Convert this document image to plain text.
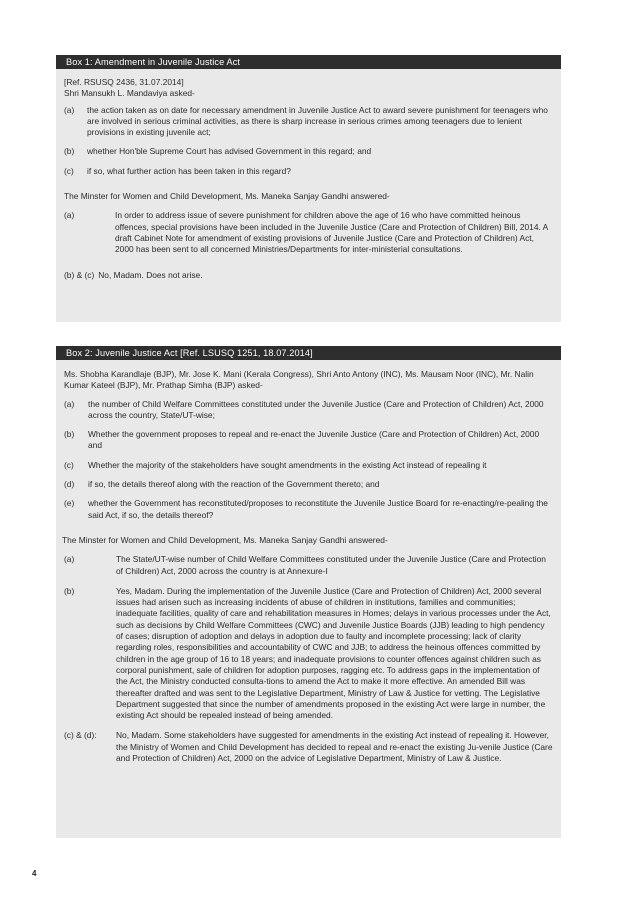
Box 1: Amendment in Juvenile Justice Act
[Ref. RSUSQ 2436, 31.07.2014]
Shri Mansukh L. Mandaviya asked-
(a)	the action taken as on date for necessary amendment in Juvenile Justice Act to award severe punishment for teenagers who are involved in serious criminal activities, as there is sharp increase in serious crimes among teenagers due to lenient provisions in existing juvenile act;
(b)	whether Hon'ble Supreme Court has advised Government in this regard; and
(c)	if so, what further action has been taken in this regard?
The Minster for Women and Child Development, Ms. Maneka Sanjay Gandhi answered-
(a)	In order to address issue of severe punishment for children above the age of 16 who have committed heinous offences, special provisions have been included in the Juvenile Justice (Care and Protection of Children) Bill, 2014. A draft Cabinet Note for amendment of existing provisions of Juvenile Justice (Care and Protection of Children) Act, 2000 has been sent to all concerned Ministries/Departments for inter-ministerial consultations.
(b) & (c) No, Madam. Does not arise.
Box 2: Juvenile Justice Act [Ref. LSUSQ 1251, 18.07.2014]
Ms. Shobha Karandlaje (BJP), Mr. Jose K. Mani (Kerala Congress), Shri Anto Antony (INC), Ms. Mausam Noor (INC), Mr. Nalin Kumar Kateel (BJP), Mr. Prathap Simha (BJP) asked-
(a)	the number of Child Welfare Committees constituted under the Juvenile Justice (Care and Protection of Children) Act, 2000 across the country, State/UT-wise;
(b)	Whether the government proposes to repeal and re-enact the Juvenile Justice (Care and Protection of Children) Act, 2000 and
(c)	Whether the majority of the stakeholders have sought amendments in the existing Act instead of repealing it
(d)	if so, the details thereof along with the reaction of the Government thereto; and
(e)	whether the Government has reconstituted/proposes to reconstitute the Juvenile Justice Board for re-enacting/re-pealing the said Act, if so, the details thereof?
The Minster for Women and Child Development, Ms. Maneka Sanjay Gandhi answered-
(a)	The State/UT-wise number of Child Welfare Committees constituted under the Juvenile Justice (Care and Protection of Children) Act, 2000 across the country is at Annexure-I
(b)	Yes, Madam. During the implementation of the Juvenile Justice (Care and Protection of Children) Act, 2000 several issues had arisen such as increasing incidents of abuse of children in institutions, families and communities; inadequate facilities, quality of care and rehabilitation measures in Homes; delays in various processes under the Act, such as decisions by Child Welfare Committees (CWC) and Juvenile Justice Boards (JJB) leading to high pendency of cases; disruption of adoption and delays in adoption due to faulty and incomplete processing; lack of clarity regarding roles, responsibilities and accountability of CWC and JJB; to address the heinous offences committed by children in the age group of 16 to 18 years; and inadequate provisions to counter offences against children such as corporal punishment, sale of children for adoption purposes, ragging etc. To address gaps in the implementation of the Act, the Ministry conducted consulta-tions to amend the Act to make it more effective. An amended Bill was thereafter drafted and was sent to the Legislative Department, Ministry of Law & Justice for vetting. The Legislative Department suggested that since the number of amendments proposed in the existing Act were large in number, the existing Act should be repealed instead of being amended.
(c) & (d):	No, Madam. Some stakeholders have suggested for amendments in the existing Act instead of repealing it. However, the Ministry of Women and Child Development has decided to repeal and re-enact the existing Ju-venile Justice (Care and Protection of Children) Act, 2000 on the advice of Legislative Department, Ministry of Law & Justice.
4
